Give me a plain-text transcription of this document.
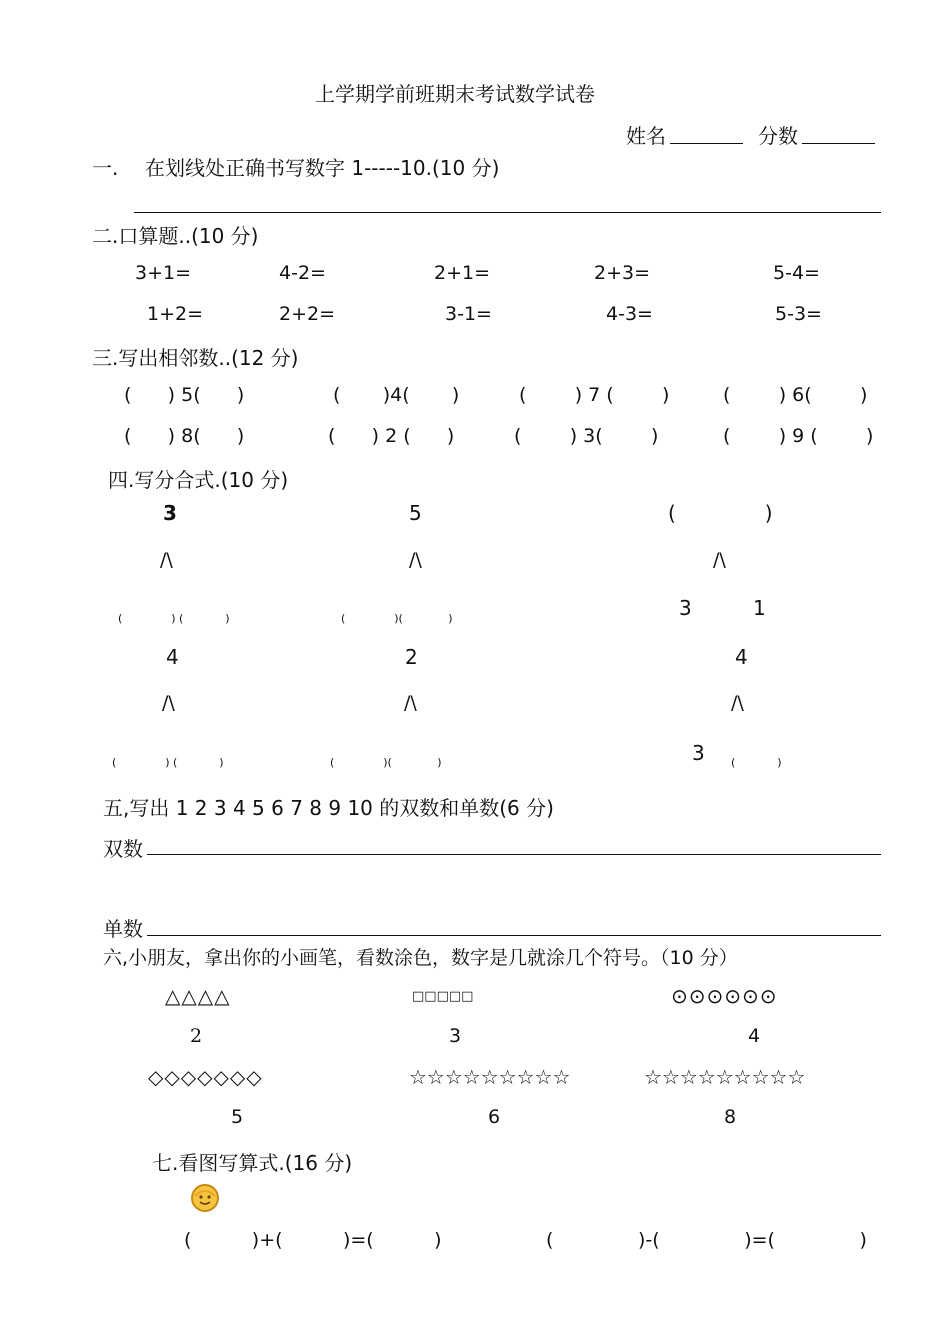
上学期学前班期末考试数学试卷
姓名	分数
一. 在划线处正确书写数字 1-----10.(10 分)
二.口算题..(10 分)
3+1=	4-2=	2+1=	2+3=	5-4=
1+2=	2+2=	3-1=	4-3=	5-3=
三.写出相邻数..(12 分)
(      ) 5(      )	(       )4(       )	(        ) 7 (        )	(        ) 6(        )
(      ) 8(      )	(      ) 2 (      )	(        ) 3(        )	(        ) 9 (        )
四.写分合式.(10 分)
3	5	(              )
/\	/\	/\
(              ) (            )	(              )(             )	3	1
4	2	4
/\	/\	/\
(              ) (            )	(              )(             )	3 (            )
五,写出 1 2 3 4 5 6 7 8 9 10 的双数和单数(6 分)
双数
单数
六,小朋友，拿出你的小画笔，看数涂色，数字是几就涂几个符号。（10 分）
△△△△	□□□□□	⊙⊙⊙⊙⊙⊙
2	3	4
◇◇◇◇◇◇◇	☆☆☆☆☆☆☆☆☆	☆☆☆☆☆☆☆☆☆
5	6	8
七.看图写算式.(16 分)
(          )+(          )=(          )	(              )-(              )=(              )
